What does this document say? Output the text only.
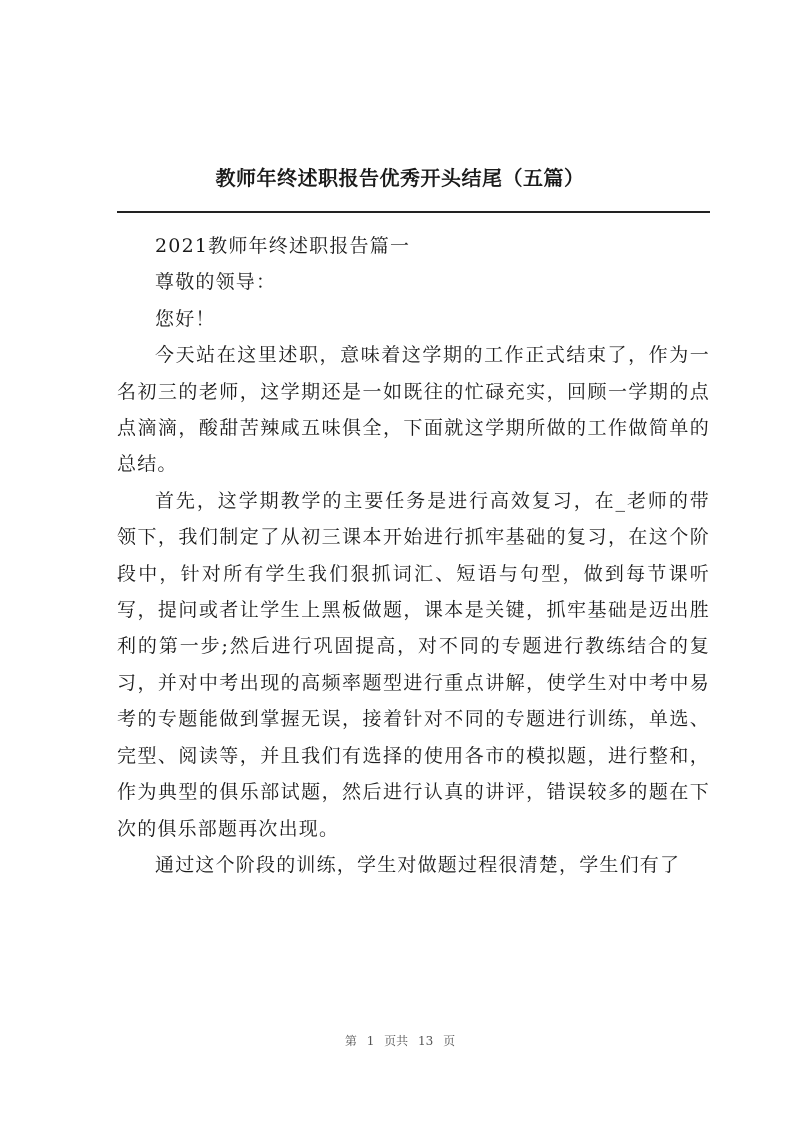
教师年终述职报告优秀开头结尾（五篇）

2021教师年终述职报告篇一

尊敬的领导：

您好！

今天站在这里述职，意味着这学期的工作正式结束了，作为一名初三的老师，这学期还是一如既往的忙碌充实，回顾一学期的点点滴滴，酸甜苦辣咸五味俱全，下面就这学期所做的工作做简单的总结。

首先，这学期教学的主要任务是进行高效复习，在_老师的带领下，我们制定了从初三课本开始进行抓牢基础的复习，在这个阶段中，针对所有学生我们狠抓词汇、短语与句型，做到每节课听写，提问或者让学生上黑板做题，课本是关键，抓牢基础是迈出胜利的第一步;然后进行巩固提高，对不同的专题进行教练结合的复习，并对中考出现的高频率题型进行重点讲解，使学生对中考中易考的专题能做到掌握无误，接着针对不同的专题进行训练，单选、完型、阅读等，并且我们有选择的使用各市的模拟题，进行整和，作为典型的俱乐部试题，然后进行认真的讲评，错误较多的题在下次的俱乐部题再次出现。

通过这个阶段的训练，学生对做题过程很清楚，学生们有了

第 1 页共 13 页
